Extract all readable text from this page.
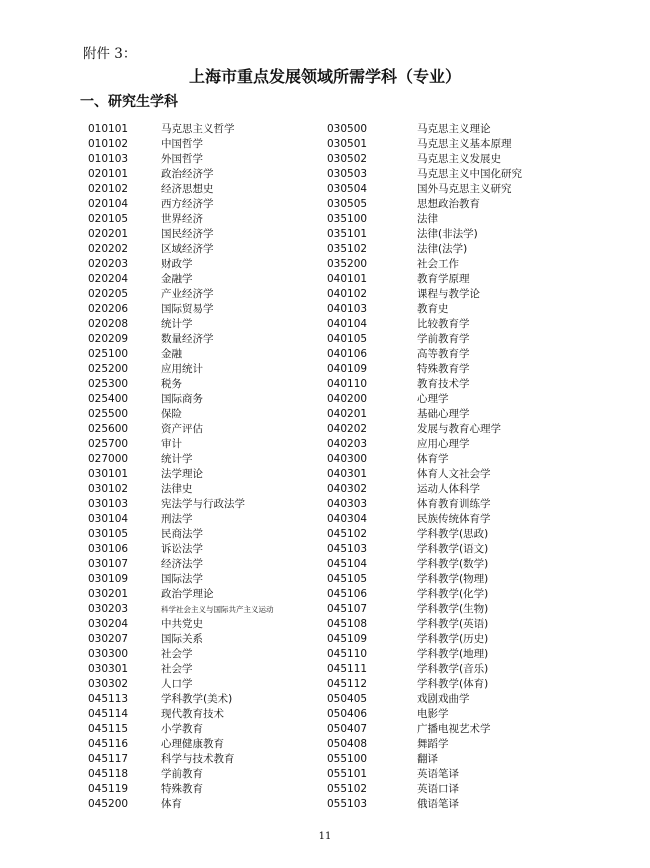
附件 3：
上海市重点发展领域所需学科（专业）
一、研究生学科
010101	马克思主义哲学	030500	马克思主义理论
010102	中国哲学	030501	马克思主义基本原理
010103	外国哲学	030502	马克思主义发展史
020101	政治经济学	030503	马克思主义中国化研究
020102	经济思想史	030504	国外马克思主义研究
020104	西方经济学	030505	思想政治教育
020105	世界经济	035100	法律
020201	国民经济学	035101	法律(非法学)
020202	区域经济学	035102	法律(法学)
020203	财政学	035200	社会工作
020204	金融学	040101	教育学原理
020205	产业经济学	040102	课程与教学论
020206	国际贸易学	040103	教育史
020208	统计学	040104	比较教育学
020209	数量经济学	040105	学前教育学
025100	金融	040106	高等教育学
025200	应用统计	040109	特殊教育学
025300	税务	040110	教育技术学
025400	国际商务	040200	心理学
025500	保险	040201	基础心理学
025600	资产评估	040202	发展与教育心理学
025700	审计	040203	应用心理学
027000	统计学	040300	体育学
030101	法学理论	040301	体育人文社会学
030102	法律史	040302	运动人体科学
030103	宪法学与行政法学	040303	体育教育训练学
030104	刑法学	040304	民族传统体育学
030105	民商法学	045102	学科教学(思政)
030106	诉讼法学	045103	学科教学(语文)
030107	经济法学	045104	学科教学(数学)
030109	国际法学	045105	学科教学(物理)
030201	政治学理论	045106	学科教学(化学)
030203	科学社会主义与国际共产主义运动	045107	学科教学(生物)
030204	中共党史	045108	学科教学(英语)
030207	国际关系	045109	学科教学(历史)
030300	社会学	045110	学科教学(地理)
030301	社会学	045111	学科教学(音乐)
030302	人口学	045112	学科教学(体育)
045113	学科教学(美术)	050405	戏剧戏曲学
045114	现代教育技术	050406	电影学
045115	小学教育	050407	广播电视艺术学
045116	心理健康教育	050408	舞蹈学
045117	科学与技术教育	055100	翻译
045118	学前教育	055101	英语笔译
045119	特殊教育	055102	英语口译
045200	体育	055103	俄语笔译
11
